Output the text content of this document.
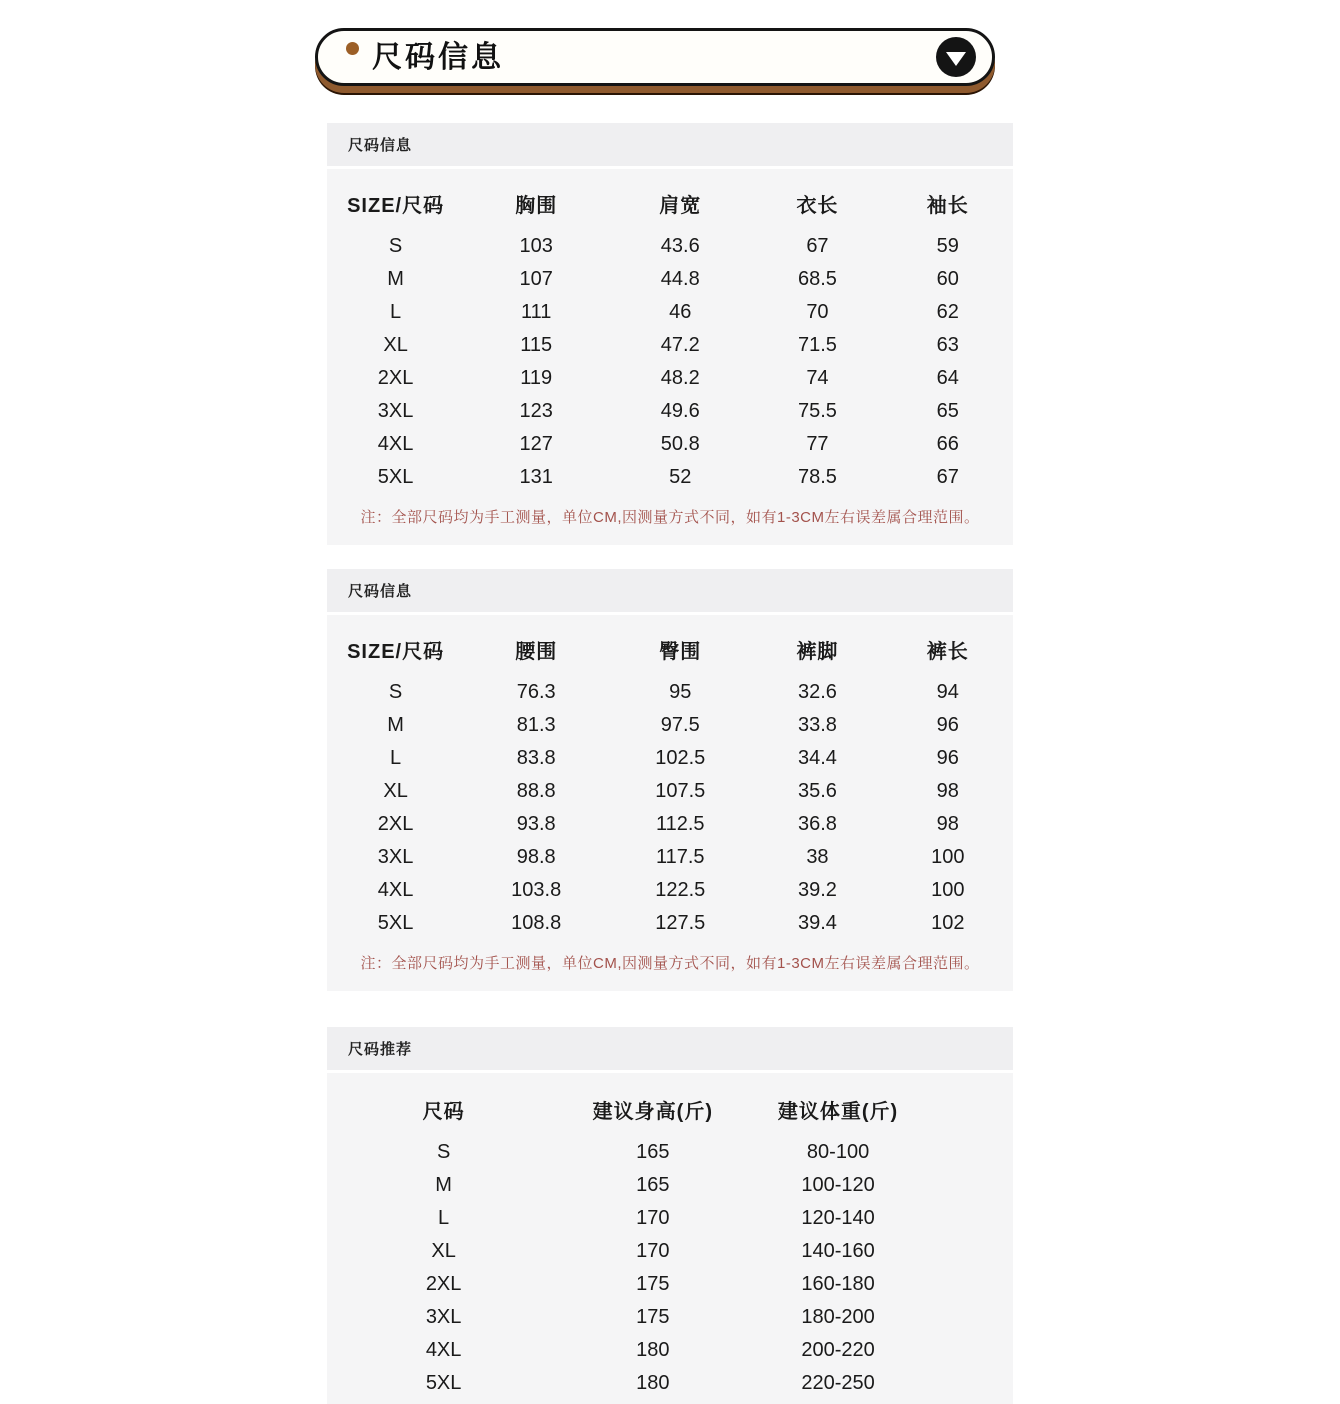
尺码信息
尺码信息
SIZE/尺码	胸围	肩宽	衣长	袖长
S	103	43.6	67	59
M	107	44.8	68.5	60
L	111	46	70	62
XL	115	47.2	71.5	63
2XL	119	48.2	74	64
3XL	123	49.6	75.5	65
4XL	127	50.8	77	66
5XL	131	52	78.5	67
注：全部尺码均为手工测量，单位CM,因测量方式不同，如有1-3CM左右误差属合理范围。
尺码信息
SIZE/尺码	腰围	臀围	裤脚	裤长
S	76.3	95	32.6	94
M	81.3	97.5	33.8	96
L	83.8	102.5	34.4	96
XL	88.8	107.5	35.6	98
2XL	93.8	112.5	36.8	98
3XL	98.8	117.5	38	100
4XL	103.8	122.5	39.2	100
5XL	108.8	127.5	39.4	102
注：全部尺码均为手工测量，单位CM,因测量方式不同，如有1-3CM左右误差属合理范围。
尺码推荐
尺码	建议身高(斤)	建议体重(斤)
S	165	80-100
M	165	100-120
L	170	120-140
XL	170	140-160
2XL	175	160-180
3XL	175	180-200
4XL	180	200-220
5XL	180	220-250
